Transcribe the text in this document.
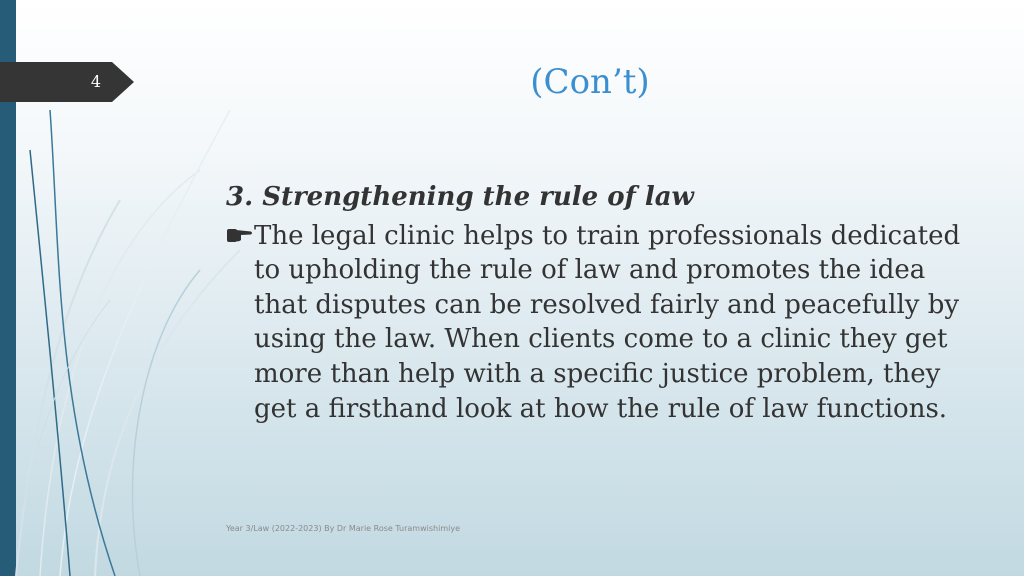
4	(Con’t)
3. Strengthening the rule of law
The legal clinic helps to train professionals dedicated to upholding the rule of law and promotes the idea that disputes can be resolved fairly and peacefully by using the law. When clients come to a clinic they get more than help with a specific justice problem, they get a firsthand look at how the rule of law functions.
Year 3/Law (2022-2023) By Dr Marie Rose Turamwishimiye
